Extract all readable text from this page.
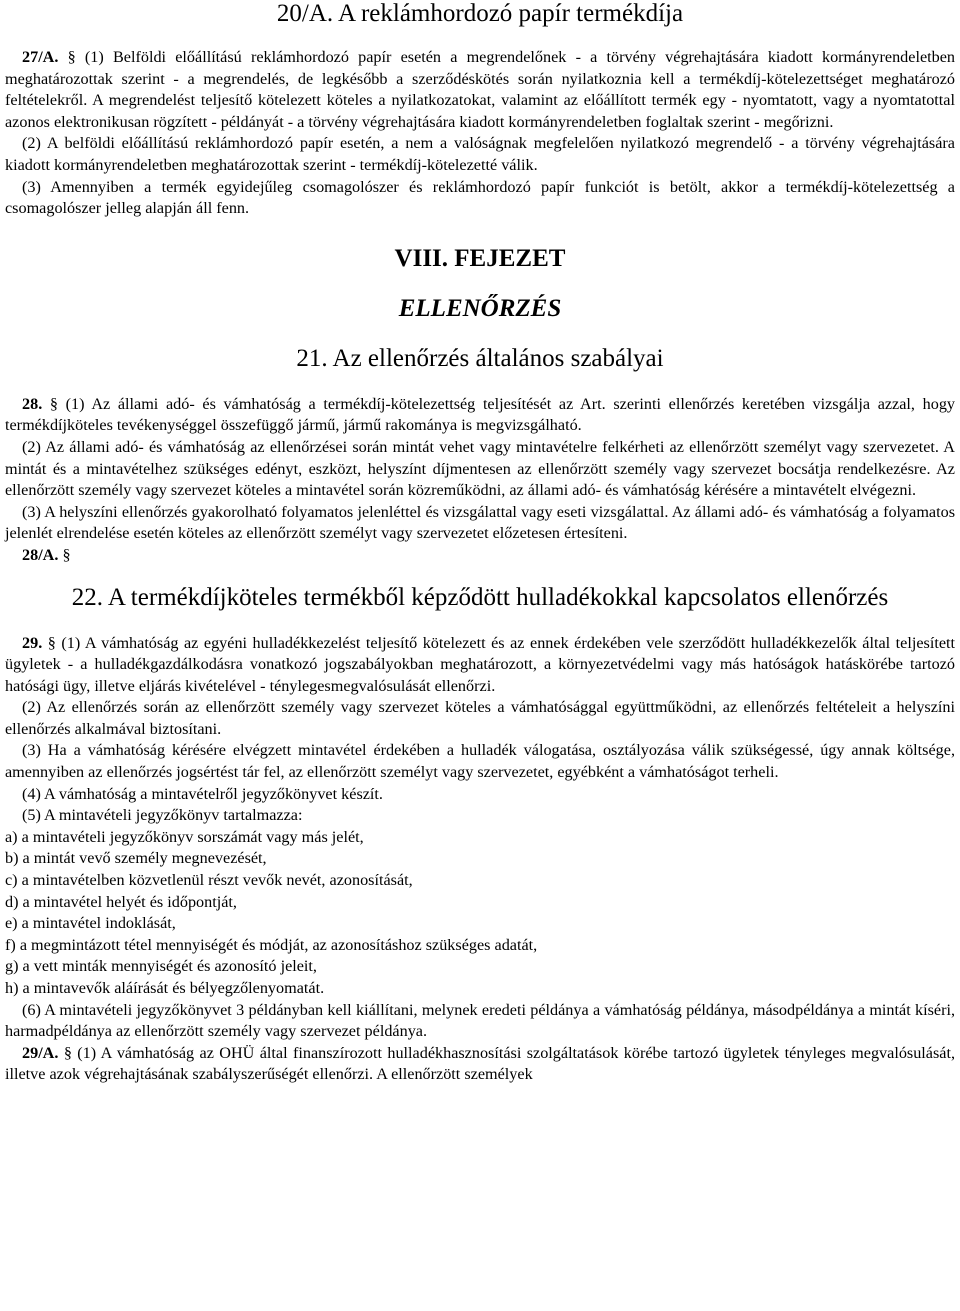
20/A. A reklámhordozó papír termékdíja

27/A. § (1) Belföldi előállítású reklámhordozó papír esetén a megrendelőnek - a törvény végrehajtására kiadott kormányrendeletben meghatározottak szerint - a megrendelés, de legkésőbb a szerződéskötés során nyilatkoznia kell a termékdíj-kötelezettséget meghatározó feltételekről. A megrendelést teljesítő kötelezett köteles a nyilatkozatokat, valamint az előállított termék egy - nyomtatott, vagy a nyomtatottal azonos elektronikusan rögzített - példányát - a törvény végrehajtására kiadott kormányrendeletben foglaltak szerint - megőrizni.

(2) A belföldi előállítású reklámhordozó papír esetén, a nem a valóságnak megfelelően nyilatkozó megrendelő - a törvény végrehajtására kiadott kormányrendeletben meghatározottak szerint - termékdíj-kötelezetté válik.

(3) Amennyiben a termék egyidejűleg csomagolószer és reklámhordozó papír funkciót is betölt, akkor a termékdíj-kötelezettség a csomagolószer jelleg alapján áll fenn.

VIII. FEJEZET
ELLENŐRZÉS
21. Az ellenőrzés általános szabályai

28. § (1) Az állami adó- és vámhatóság a termékdíj-kötelezettség teljesítését az Art. szerinti ellenőrzés keretében vizsgálja azzal, hogy termékdíjköteles tevékenységgel összefüggő jármű, jármű rakománya is megvizsgálható.

(2) Az állami adó- és vámhatóság az ellenőrzései során mintát vehet vagy mintavételre felkérheti az ellenőrzött személyt vagy szervezetet. A mintát és a mintavételhez szükséges edényt, eszközt, helyszínt díjmentesen az ellenőrzött személy vagy szervezet bocsátja rendelkezésre. Az ellenőrzött személy vagy szervezet köteles a mintavétel során közreműködni, az állami adó- és vámhatóság kérésére a mintavételt elvégezni.

(3) A helyszíni ellenőrzés gyakorolható folyamatos jelenléttel és vizsgálattal vagy eseti vizsgálattal. Az állami adó- és vámhatóság a folyamatos jelenlét elrendelése esetén köteles az ellenőrzött személyt vagy szervezetet előzetesen értesíteni.

28/A. §

22. A termékdíjköteles termékből képződött hulladékokkal kapcsolatos ellenőrzés

29. § (1) A vámhatóság az egyéni hulladékkezelést teljesítő kötelezett és az ennek érdekében vele szerződött hulladékkezelők által teljesített ügyletek - a hulladékgazdálkodásra vonatkozó jogszabályokban meghatározott, a környezetvédelmi vagy más hatóságok hatáskörébe tartozó hatósági ügy, illetve eljárás kivételével - ténylegesmegvalósulását ellenőrzi.

(2) Az ellenőrzés során az ellenőrzött személy vagy szervezet köteles a vámhatósággal együttműködni, az ellenőrzés feltételeit a helyszíni ellenőrzés alkalmával biztosítani.

(3) Ha a vámhatóság kérésére elvégzett mintavétel érdekében a hulladék válogatása, osztályozása válik szükségessé, úgy annak költsége, amennyiben az ellenőrzés jogsértést tár fel, az ellenőrzött személyt vagy szervezetet, egyébként a vámhatóságot terheli.

(4) A vámhatóság a mintavételről jegyzőkönyvet készít.

(5) A mintavételi jegyzőkönyv tartalmazza:

a) a mintavételi jegyzőkönyv sorszámát vagy más jelét,

b) a mintát vevő személy megnevezését,

c) a mintavételben közvetlenül részt vevők nevét, azonosítását,

d) a mintavétel helyét és időpontját,

e) a mintavétel indoklását,

f) a megmintázott tétel mennyiségét és módját, az azonosításhoz szükséges adatát,

g) a vett minták mennyiségét és azonosító jeleit,

h) a mintavevők aláírását és bélyegzőlenyomatát.

(6) A mintavételi jegyzőkönyvet 3 példányban kell kiállítani, melynek eredeti példánya a vámhatóság példánya, másodpéldánya a mintát kíséri, harmadpéldánya az ellenőrzött személy vagy szervezet példánya.

29/A. § (1) A vámhatóság az OHÜ által finanszírozott hulladékhasznosítási szolgáltatások körébe tartozó ügyletek tényleges megvalósulását, illetve azok végrehajtásának szabályszerűségét ellenőrzi. A ellenőrzött személyek
